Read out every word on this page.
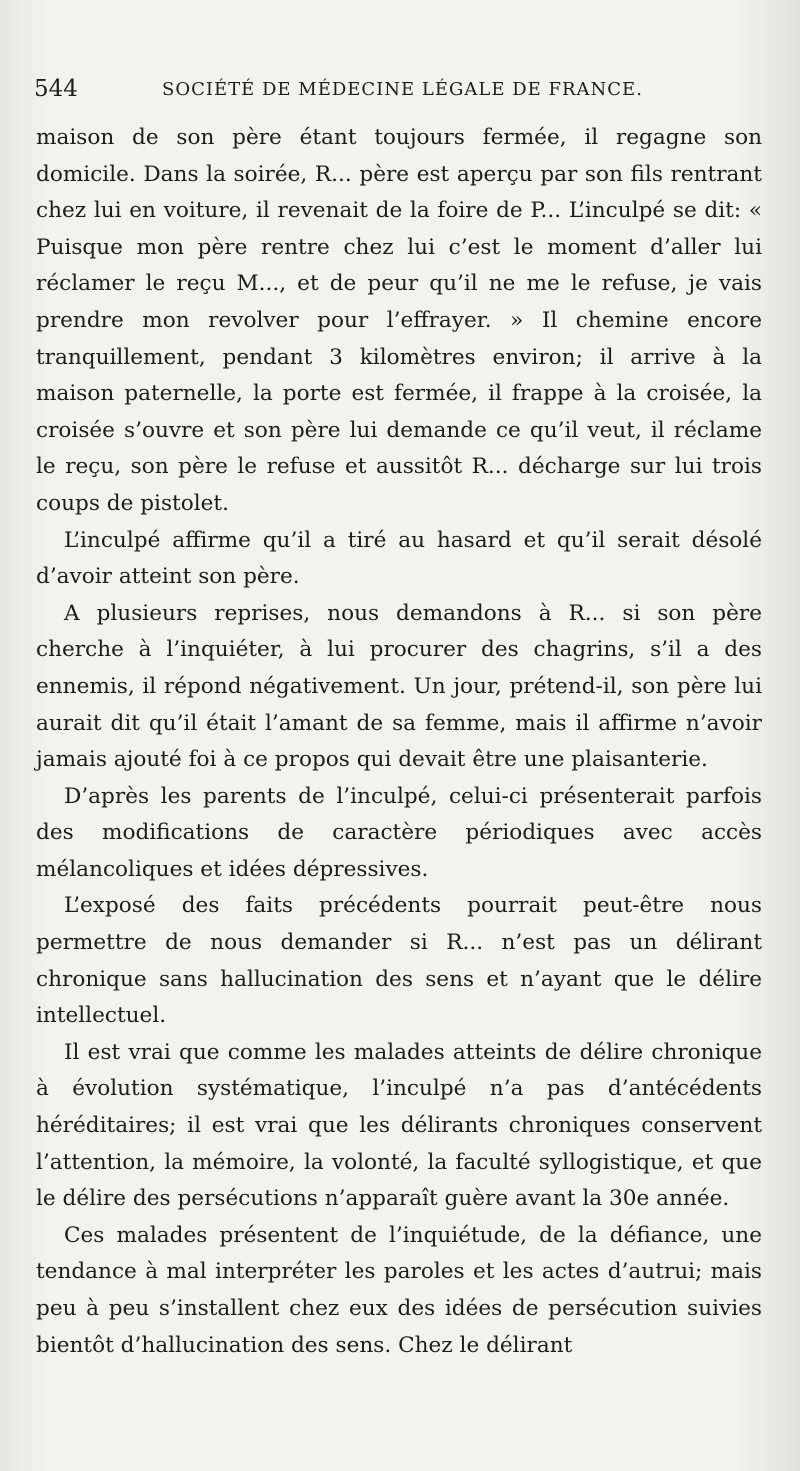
544	SOCIÉTÉ DE MÉDECINE LÉGALE DE FRANCE.

maison de son père étant toujours fermée, il regagne son domicile. Dans la soirée, R... père est aperçu par son fils rentrant chez lui en voiture, il revenait de la foire de P... L’inculpé se dit: « Puisque mon père rentre chez lui c’est le moment d’aller lui réclamer le reçu M..., et de peur qu’il ne me le refuse, je vais prendre mon revolver pour l’effrayer. » Il chemine encore tranquillement, pendant 3 kilomètres environ; il arrive à la maison paternelle, la porte est fermée, il frappe à la croisée, la croisée s’ouvre et son père lui demande ce qu’il veut, il réclame le reçu, son père le refuse et aussitôt R... décharge sur lui trois coups de pistolet.

L’inculpé affirme qu’il a tiré au hasard et qu’il serait désolé d’avoir atteint son père.

A plusieurs reprises, nous demandons à R... si son père cherche à l’inquiéter, à lui procurer des chagrins, s’il a des ennemis, il répond négativement. Un jour, prétend-il, son père lui aurait dit qu’il était l’amant de sa femme, mais il affirme n’avoir jamais ajouté foi à ce propos qui devait être une plaisanterie.

D’après les parents de l’inculpé, celui-ci présenterait parfois des modifications de caractère périodiques avec accès mélancoliques et idées dépressives.

L’exposé des faits précédents pourrait peut-être nous permettre de nous demander si R... n’est pas un délirant chronique sans hallucination des sens et n’ayant que le délire intellectuel.

Il est vrai que comme les malades atteints de délire chronique à évolution systématique, l’inculpé n’a pas d’antécédents héréditaires; il est vrai que les délirants chroniques conservent l’attention, la mémoire, la volonté, la faculté syllogistique, et que le délire des persécutions n’apparaît guère avant la 30e année.

Ces malades présentent de l’inquiétude, de la défiance, une tendance à mal interpréter les paroles et les actes d’autrui; mais peu à peu s’installent chez eux des idées de persécution suivies bientôt d’hallucination des sens. Chez le délirant
